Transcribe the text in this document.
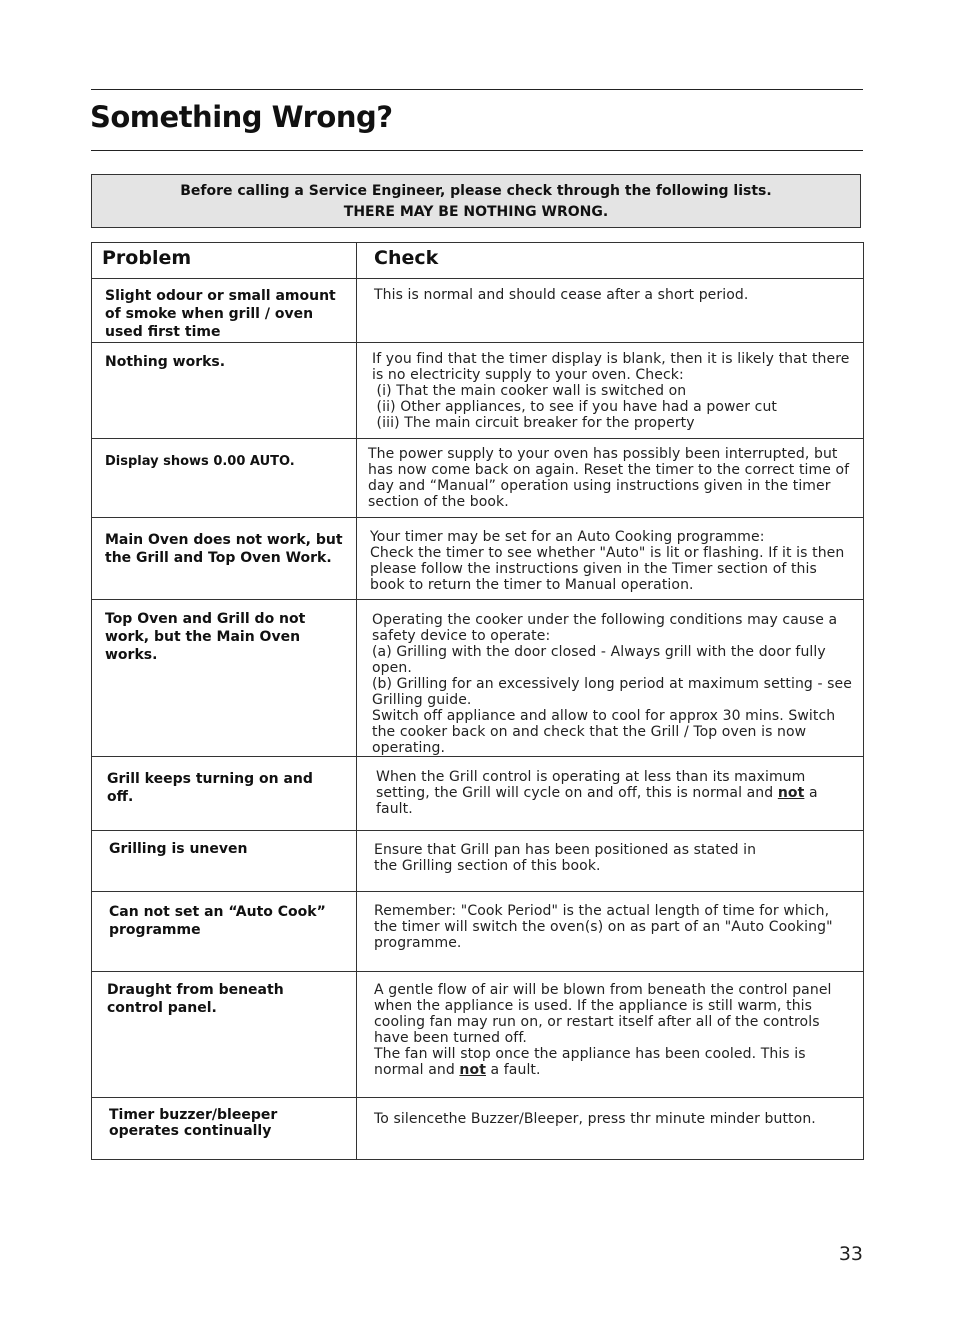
Something Wrong?
Before calling a Service Engineer, please check through the following lists.
THERE MAY BE NOTHING WRONG.
Problem	Check
Slight odour or small amount of smoke when grill / oven used first time	This is normal and should cease after a short period.

Nothing works.	If you find that the timer display is blank, then it is likely that there is no electricity supply to your oven. Check:
(i) That the main cooker wall is switched on
(ii) Other appliances, to see if you have had a power cut
(iii) The main circuit breaker for the property

Display shows 0.00 AUTO.	The power supply to your oven has possibly been interrupted, but has now come back on again. Reset the timer to the correct time of day and “Manual” operation using instructions given in the timer section of the book.

Main Oven does not work, but the Grill and Top Oven Work.	Your timer may be set for an Auto Cooking programme:
Check the timer to see whether "Auto" is lit or flashing. If it is then please follow the instructions given in the Timer section of this book to return the timer to Manual operation.

Top Oven and Grill do not work, but the Main Oven works.	Operating the cooker under the following conditions may cause a safety device to operate:
(a) Grilling with the door closed - Always grill with the door fully open.
(b) Grilling for an excessively long period at maximum setting - see Grilling guide.
Switch off appliance and allow to cool for approx 30 mins. Switch the cooker back on and check that the Grill / Top oven is now operating.

Grill keeps turning on and off.	When the Grill control is operating at less than its maximum setting, the Grill will cycle on and off, this is normal and not a fault.
Grilling is uneven	Ensure that Grill pan has been positioned as stated in
the Grilling section of this book.

Can not set an “Auto Cook” programme	Remember: "Cook Period" is the actual length of time for which, the timer will switch the oven(s) on as part of an "Auto Cooking" programme.

Draught from beneath control panel.	A gentle flow of air will be blown from beneath the control panel when the appliance is used. If the appliance is still warm, this cooling fan may run on, or restart itself after all of the controls have been turned off.
The fan will stop once the appliance has been cooled. This is normal and not a fault.

Timer buzzer/bleeper operates continually	To silencethe Buzzer/Bleeper, press thr minute minder button.
33
